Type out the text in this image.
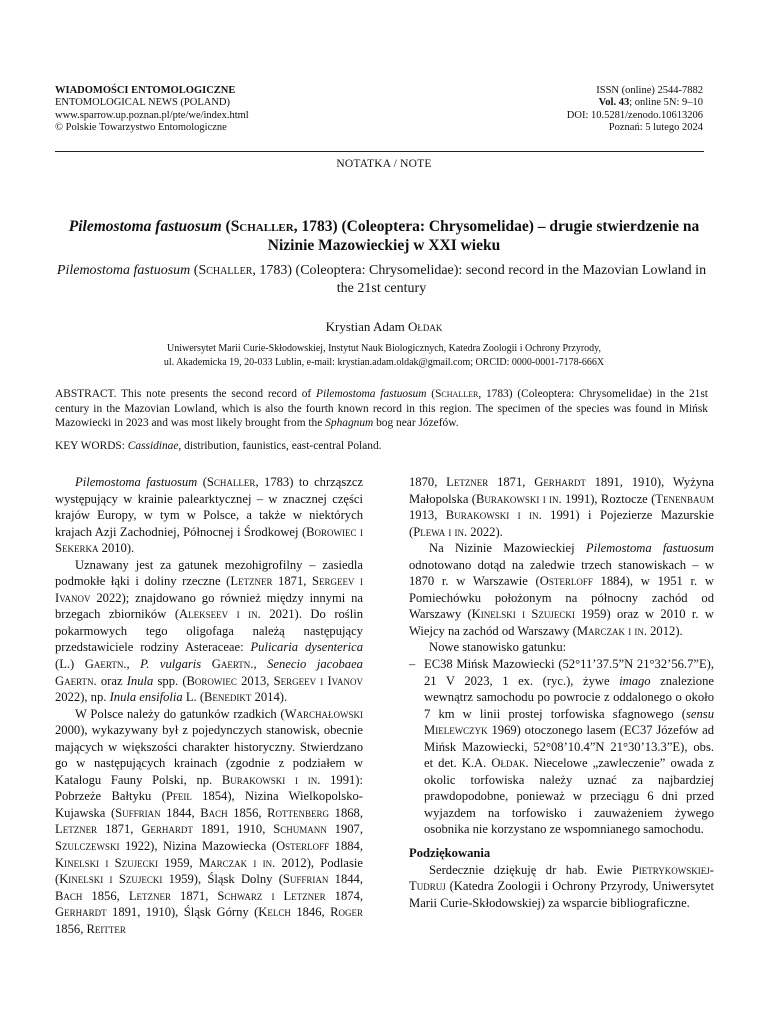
WIADOMOŚCI ENTOMOLOGICZNE
ENTOMOLOGICAL NEWS (POLAND)
www.sparrow.up.poznan.pl/pte/we/index.html
© Polskie Towarzystwo Entomologiczne
ISSN (online) 2544-7882
Vol. 43; online 5N: 9–10
DOI: 10.5281/zenodo.10613206
Poznań: 5 lutego 2024
NOTATKA / NOTE
Pilemostoma fastuosum (Schaller, 1783) (Coleoptera: Chrysomelidae) – drugie stwierdzenie na Nizinie Mazowieckiej w XXI wieku
Pilemostoma fastuosum (Schaller, 1783) (Coleoptera: Chrysomelidae): second record in the Mazovian Lowland in the 21st century
Krystian Adam Ołdak
Uniwersytet Marii Curie-Skłodowskiej, Instytut Nauk Biologicznych, Katedra Zoologii i Ochrony Przyrody,
ul. Akademicka 19, 20-033 Lublin, e-mail: krystian.adam.oldak@gmail.com; ORCID: 0000-0001-7178-666X
ABSTRACT. This note presents the second record of Pilemostoma fastuosum (Schaller, 1783) (Coleoptera: Chrysomelidae) in the 21st century in the Mazovian Lowland, which is also the fourth known record in this region. The specimen of the species was found in Mińsk Mazowiecki in 2023 and was most likely brought from the Sphagnum bog near Józefów.
KEY WORDS: Cassidinae, distribution, faunistics, east-central Poland.

Pilemostoma fastuosum (Schaller, 1783) to chrząszcz występujący w krainie palearktycznej – w znacznej części krajów Europy, w tym w Polsce, a także w niektórych krajach Azji Zachodniej, Północnej i Środkowej (Borowiec i Sekerka 2010).

Uznawany jest za gatunek mezohigrofilny – zasiedla podmokłe łąki i doliny rzeczne (Letzner 1871, Sergeev i Ivanov 2022); znajdowano go również między innymi na brzegach zbiorników (Alekseev i in. 2021). Do roślin pokarmowych tego oligofaga należą następujący przedstawiciele rodziny Asteraceae: Pulicaria dysenterica (L.) Gaertn., P. vulgaris Gaertn., Senecio jacobaea Gaertn. oraz Inula spp. (Borowiec 2013, Sergeev i Ivanov 2022), np. Inula ensifolia L. (Benedikt 2014).

W Polsce należy do gatunków rzadkich (Warchałowski 2000), wykazywany był z pojedynczych stanowisk, obecnie mających w większości charakter historyczny. Stwierdzano go w następujących krainach (zgodnie z podziałem w Katalogu Fauny Polski, np. Burakowski i in. 1991): Pobrzeże Bałtyku (Pfeil 1854), Nizina Wielkopolsko-Kujawska (Suffrian 1844, Bach 1856, Rottenberg 1868, Letzner 1871, Gerhardt 1891, 1910, Schumann 1907, Szulczewski 1922), Nizina Mazowiecka (Osterloff 1884, Kinelski i Szujecki 1959, Marczak i in. 2012), Podlasie (Kinelski i Szujecki 1959), Śląsk Dolny (Suffrian 1844, Bach 1856, Letzner 1871, Schwarz i Letzner 1874, Gerhardt 1891, 1910), Śląsk Górny (Kelch 1846, Roger 1856, Reitter

1870, Letzner 1871, Gerhardt 1891, 1910), Wyżyna Małopolska (Burakowski i in. 1991), Roztocze (Tenenbaum 1913, Burakowski i in. 1991) i Pojezierze Mazurskie (Plewa i in. 2022).

Na Nizinie Mazowieckiej Pilemostoma fastuosum odnotowano dotąd na zaledwie trzech stanowiskach – w 1870 r. w Warszawie (Osterloff 1884), w 1951 r. w Pomiechówku położonym na północny zachód od Warszawy (Kinelski i Szujecki 1959) oraz w 2010 r. w Wiejcy na zachód od Warszawy (Marczak i in. 2012).

Nowe stanowisko gatunku:

– EC38 Mińsk Mazowiecki (52°11’37.5”N 21°32’56.7”E), 21 V 2023, 1 ex. (ryc.), żywe imago znalezione wewnątrz samochodu po powrocie z oddalonego o około 7 km w linii prostej torfowiska sfagnowego (sensu Mielewczyk 1969) otoczonego lasem (EC37 Józefów ad Mińsk Mazowiecki, 52°08’10.4”N 21°30’13.3”E), obs. et det. K.A. Ołdak. Niecelowe „zawleczenie” owada z okolic torfowiska należy uznać za najbardziej prawdopodobne, ponieważ w przeciągu 6 dni przed wyjazdem na torfowisko i zauważeniem żywego osobnika nie korzystano ze wspomnianego samochodu.

Podziękowania

Serdecznie dziękuję dr hab. Ewie Pietrykowskiej-Tudruj (Katedra Zoologii i Ochrony Przyrody, Uniwersytet Marii Curie-Skłodowskiej) za wsparcie bibliograficzne.
